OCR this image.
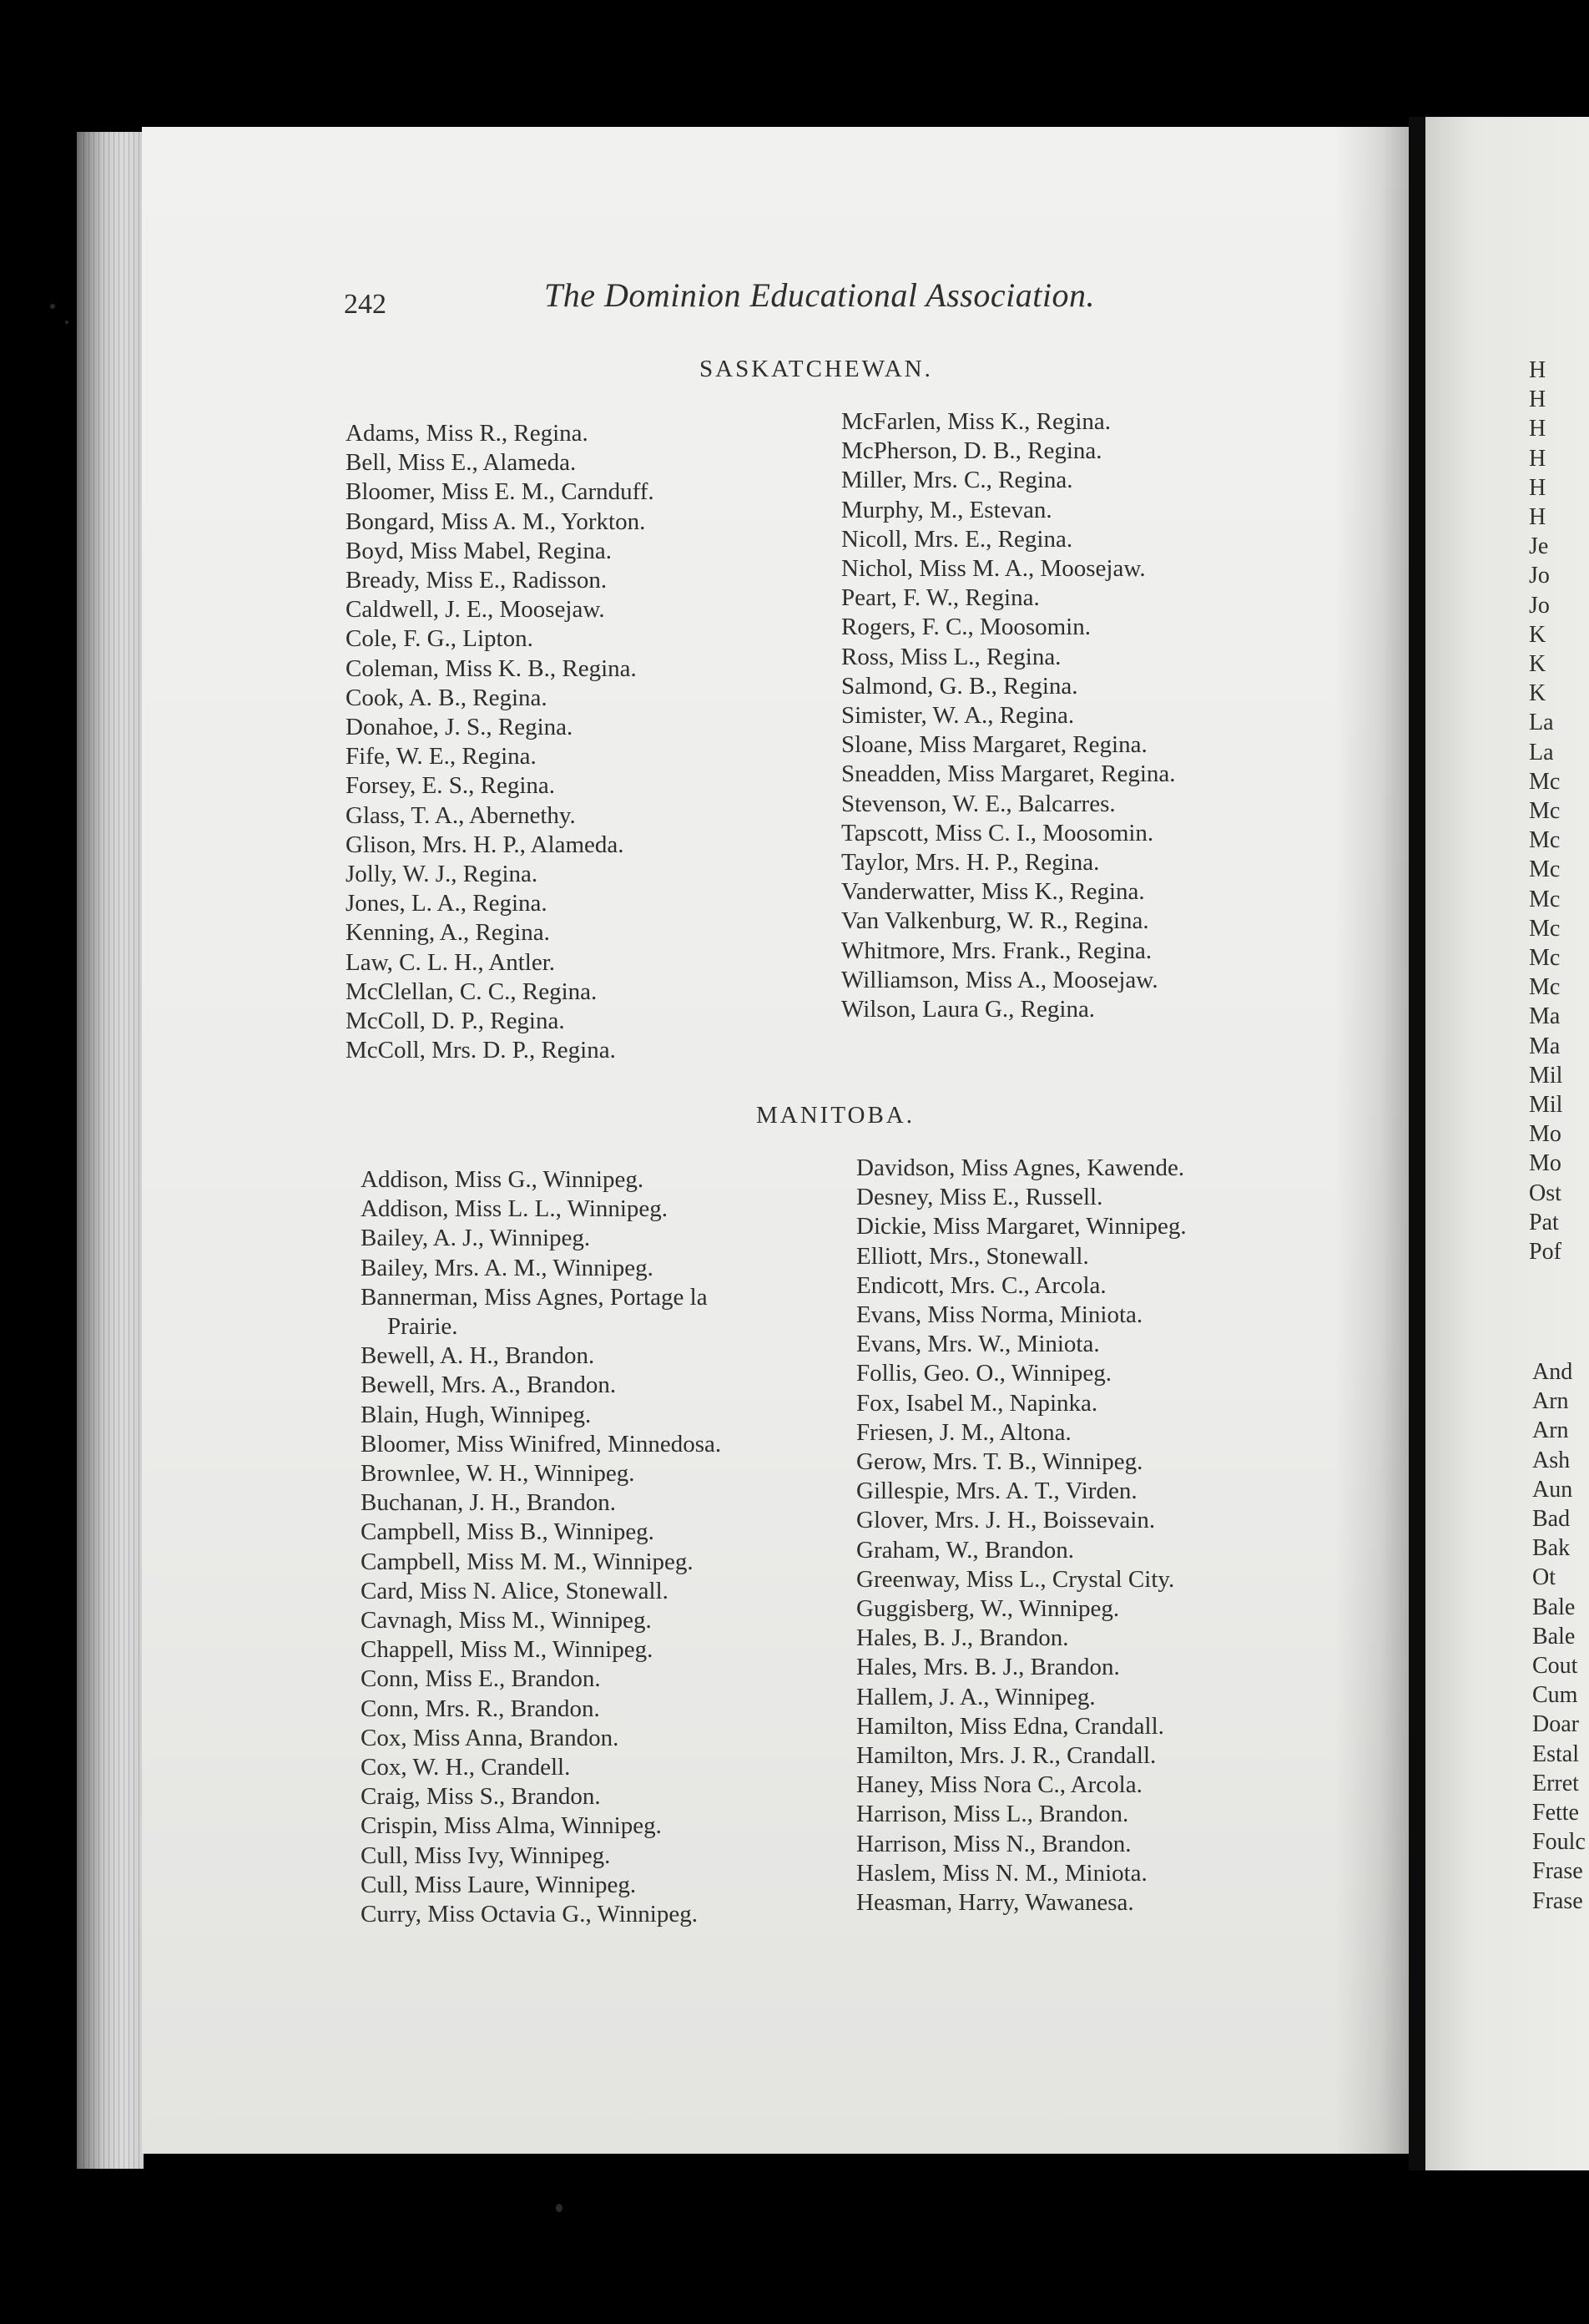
242	The Dominion Educational Association.
SASKATCHEWAN.
Adams, Miss R., Regina.
Bell, Miss E., Alameda.
Bloomer, Miss E. M., Carnduff.
Bongard, Miss A. M., Yorkton.
Boyd, Miss Mabel, Regina.
Bready, Miss E., Radisson.
Caldwell, J. E., Moosejaw.
Cole, F. G., Lipton.
Coleman, Miss K. B., Regina.
Cook, A. B., Regina.
Donahoe, J. S., Regina.
Fife, W. E., Regina.
Forsey, E. S., Regina.
Glass, T. A., Abernethy.
Glison, Mrs. H. P., Alameda.
Jolly, W. J., Regina.
Jones, L. A., Regina.
Kenning, A., Regina.
Law, C. L. H., Antler.
McClellan, C. C., Regina.
McColl, D. P., Regina.
McColl, Mrs. D. P., Regina.
McFarlen, Miss K., Regina.
McPherson, D. B., Regina.
Miller, Mrs. C., Regina.
Murphy, M., Estevan.
Nicoll, Mrs. E., Regina.
Nichol, Miss M. A., Moosejaw.
Peart, F. W., Regina.
Rogers, F. C., Moosomin.
Ross, Miss L., Regina.
Salmond, G. B., Regina.
Simister, W. A., Regina.
Sloane, Miss Margaret, Regina.
Sneadden, Miss Margaret, Regina.
Stevenson, W. E., Balcarres.
Tapscott, Miss C. I., Moosomin.
Taylor, Mrs. H. P., Regina.
Vanderwatter, Miss K., Regina.
Van Valkenburg, W. R., Regina.
Whitmore, Mrs. Frank., Regina.
Williamson, Miss A., Moosejaw.
Wilson, Laura G., Regina.
MANITOBA.
Addison, Miss G., Winnipeg.
Addison, Miss L. L., Winnipeg.
Bailey, A. J., Winnipeg.
Bailey, Mrs. A. M., Winnipeg.
Bannerman, Miss Agnes, Portage la
Prairie.
Bewell, A. H., Brandon.
Bewell, Mrs. A., Brandon.
Blain, Hugh, Winnipeg.
Bloomer, Miss Winifred, Minnedosa.
Brownlee, W. H., Winnipeg.
Buchanan, J. H., Brandon.
Campbell, Miss B., Winnipeg.
Campbell, Miss M. M., Winnipeg.
Card, Miss N. Alice, Stonewall.
Cavnagh, Miss M., Winnipeg.
Chappell, Miss M., Winnipeg.
Conn, Miss E., Brandon.
Conn, Mrs. R., Brandon.
Cox, Miss Anna, Brandon.
Cox, W. H., Crandell.
Craig, Miss S., Brandon.
Crispin, Miss Alma, Winnipeg.
Cull, Miss Ivy, Winnipeg.
Cull, Miss Laure, Winnipeg.
Curry, Miss Octavia G., Winnipeg.
Davidson, Miss Agnes, Kawende.
Desney, Miss E., Russell.
Dickie, Miss Margaret, Winnipeg.
Elliott, Mrs., Stonewall.
Endicott, Mrs. C., Arcola.
Evans, Miss Norma, Miniota.
Evans, Mrs. W., Miniota.
Follis, Geo. O., Winnipeg.
Fox, Isabel M., Napinka.
Friesen, J. M., Altona.
Gerow, Mrs. T. B., Winnipeg.
Gillespie, Mrs. A. T., Virden.
Glover, Mrs. J. H., Boissevain.
Graham, W., Brandon.
Greenway, Miss L., Crystal City.
Guggisberg, W., Winnipeg.
Hales, B. J., Brandon.
Hales, Mrs. B. J., Brandon.
Hallem, J. A., Winnipeg.
Hamilton, Miss Edna, Crandall.
Hamilton, Mrs. J. R., Crandall.
Haney, Miss Nora C., Arcola.
Harrison, Miss L., Brandon.
Harrison, Miss N., Brandon.
Haslem, Miss N. M., Miniota.
Heasman, Harry, Wawanesa.
H
H
H
H
H
H
Je
Jo
Jo
K
K
K
La
La
Mc
Mc
Mc
Mc
Mc
Mc
Mc
Mc
Ma
Ma
Mil
Mil
Mo
Mo
Ost
Pat
Pof
And
Arn
Arn
Ash
Aun
Bad
Bak
Ot
Bale
Bale
Cout
Cum
Doar
Estal
Erret
Fette
Foulc
Frase
Frase
